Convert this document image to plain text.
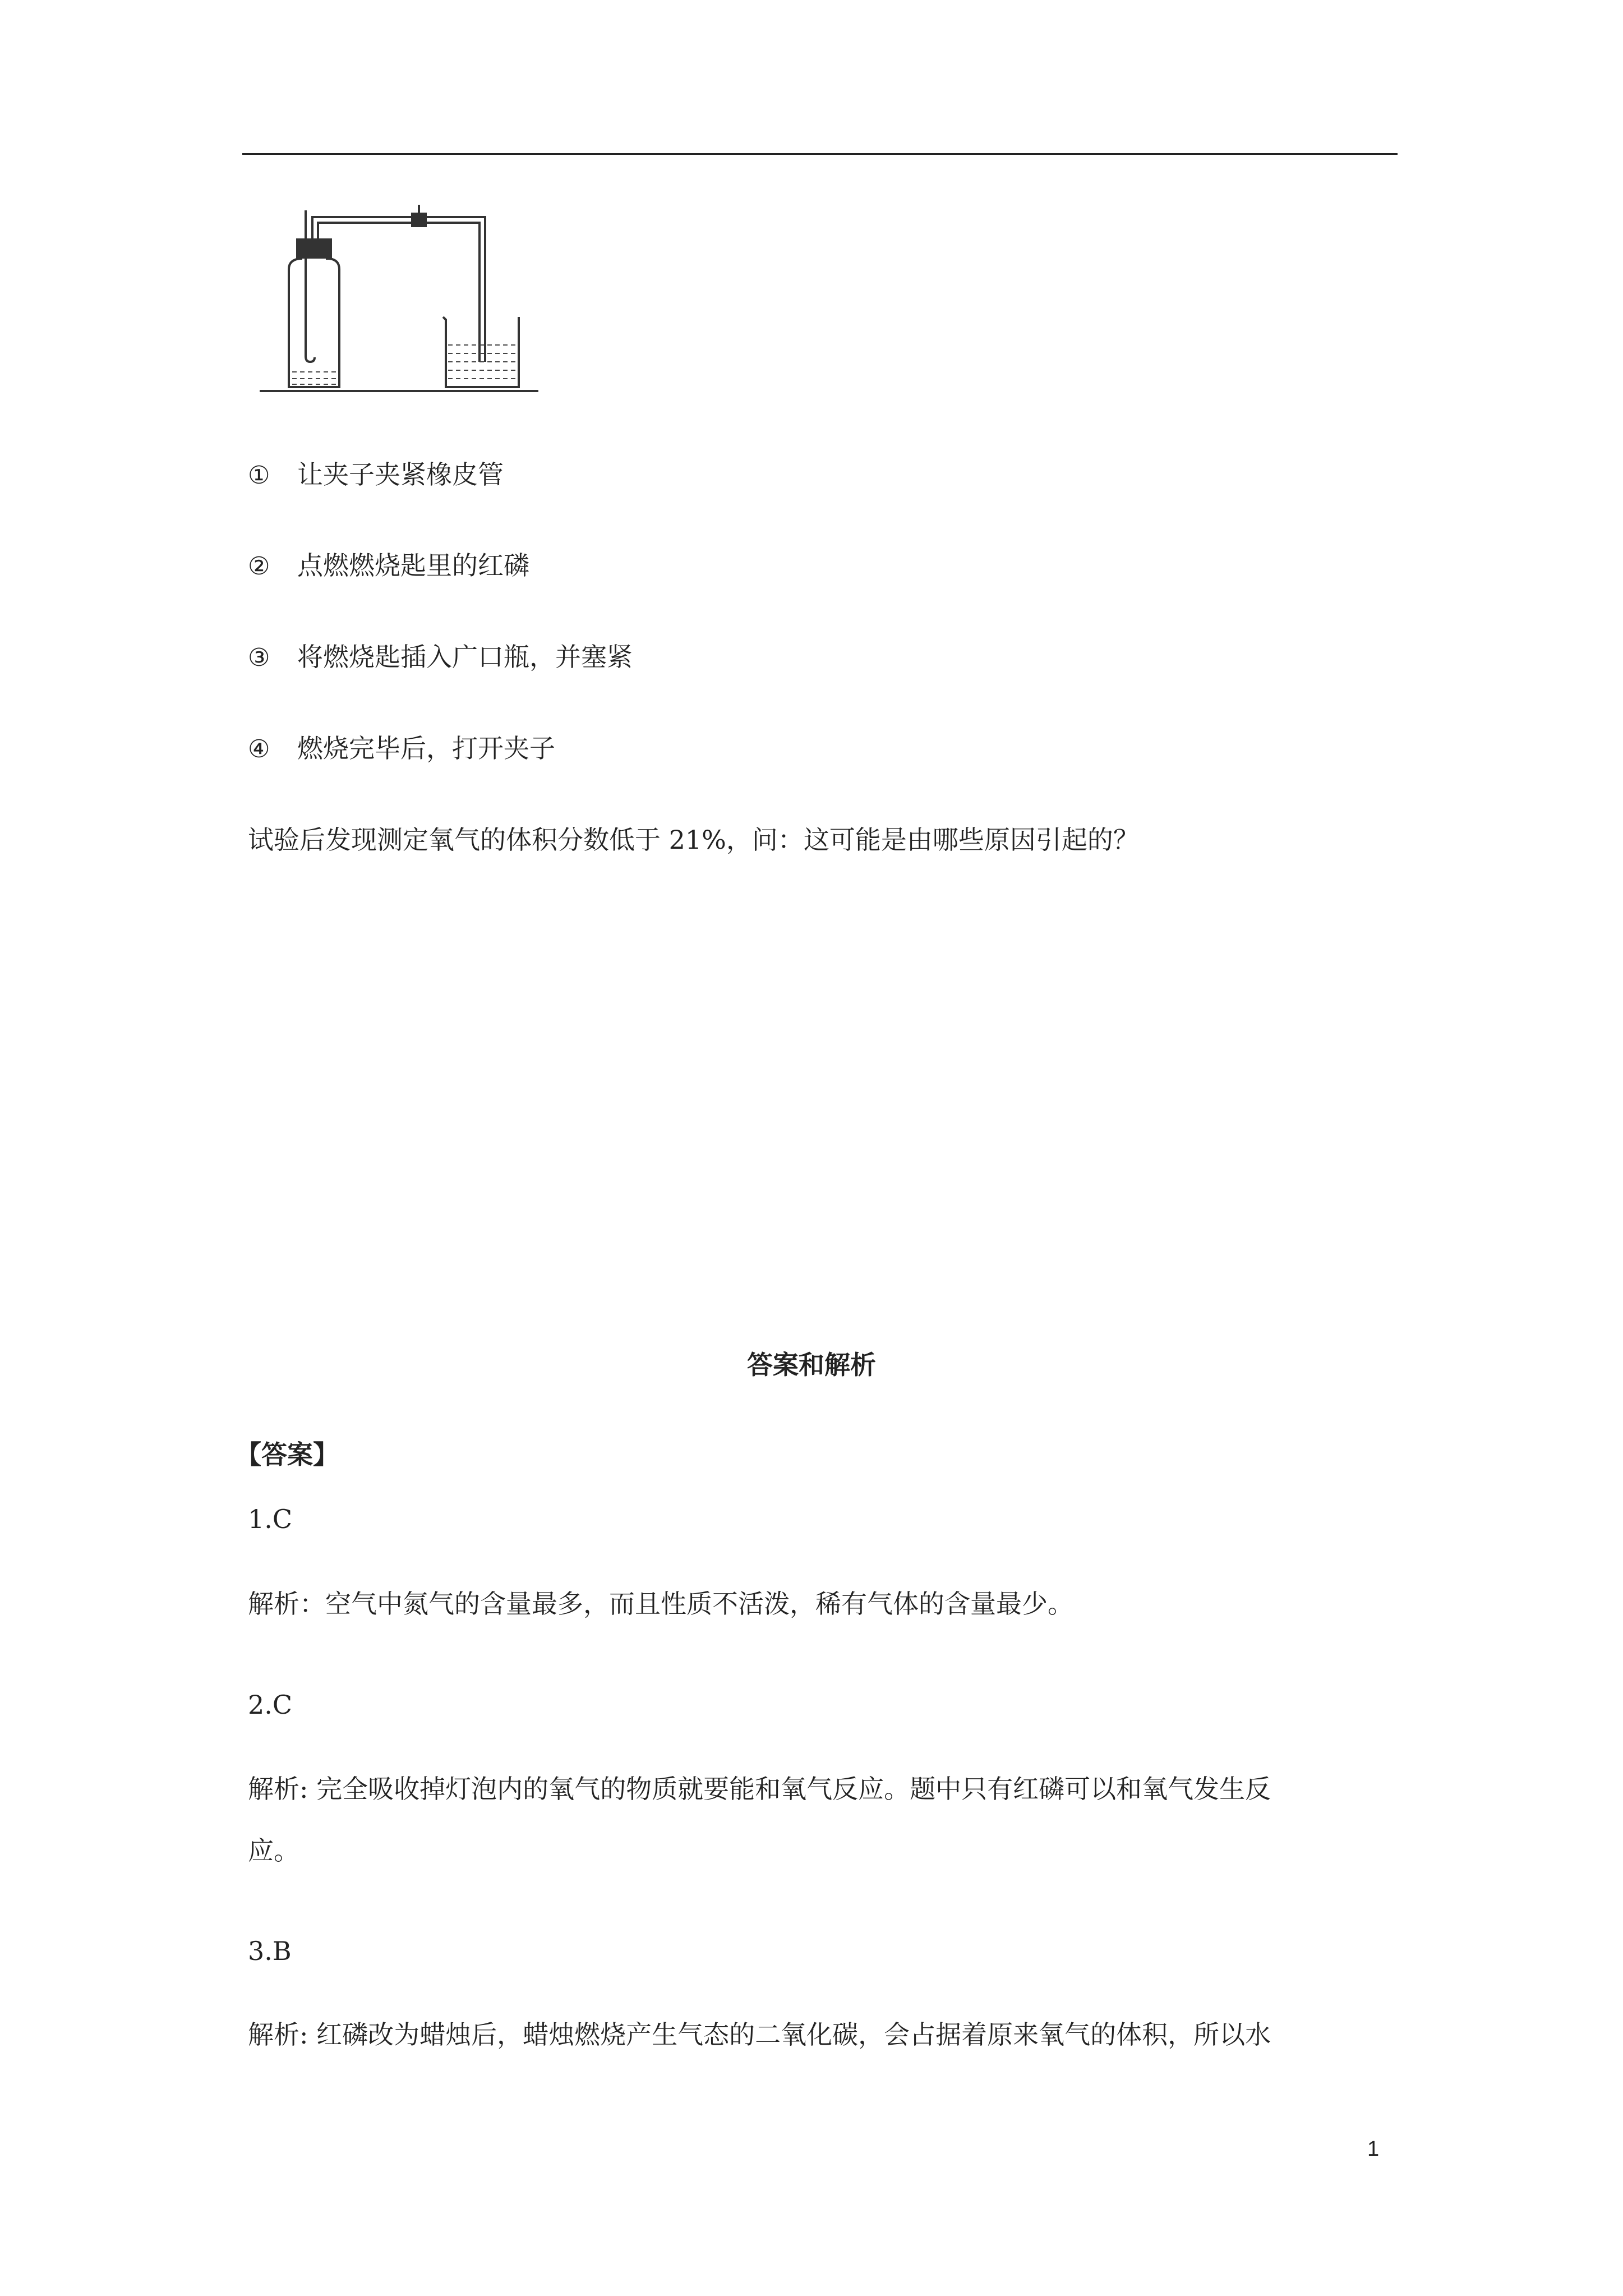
① 让夹子夹紧橡皮管
② 点燃燃烧匙里的红磷
③ 将燃烧匙插入广口瓶，并塞紧
④ 燃烧完毕后，打开夹子
试验后发现测定氧气的体积分数低于 21%，问：这可能是由哪些原因引起的？
答案和解析
【答案】
1.C
解析：空气中氮气的含量最多，而且性质不活泼，稀有气体的含量最少。
2.C
解析: 完全吸收掉灯泡内的氧气的物质就要能和氧气反应。题中只有红磷可以和氧气发生反
应。
3.B
解析: 红磷改为蜡烛后，蜡烛燃烧产生气态的二氧化碳，会占据着原来氧气的体积，所以水
1
